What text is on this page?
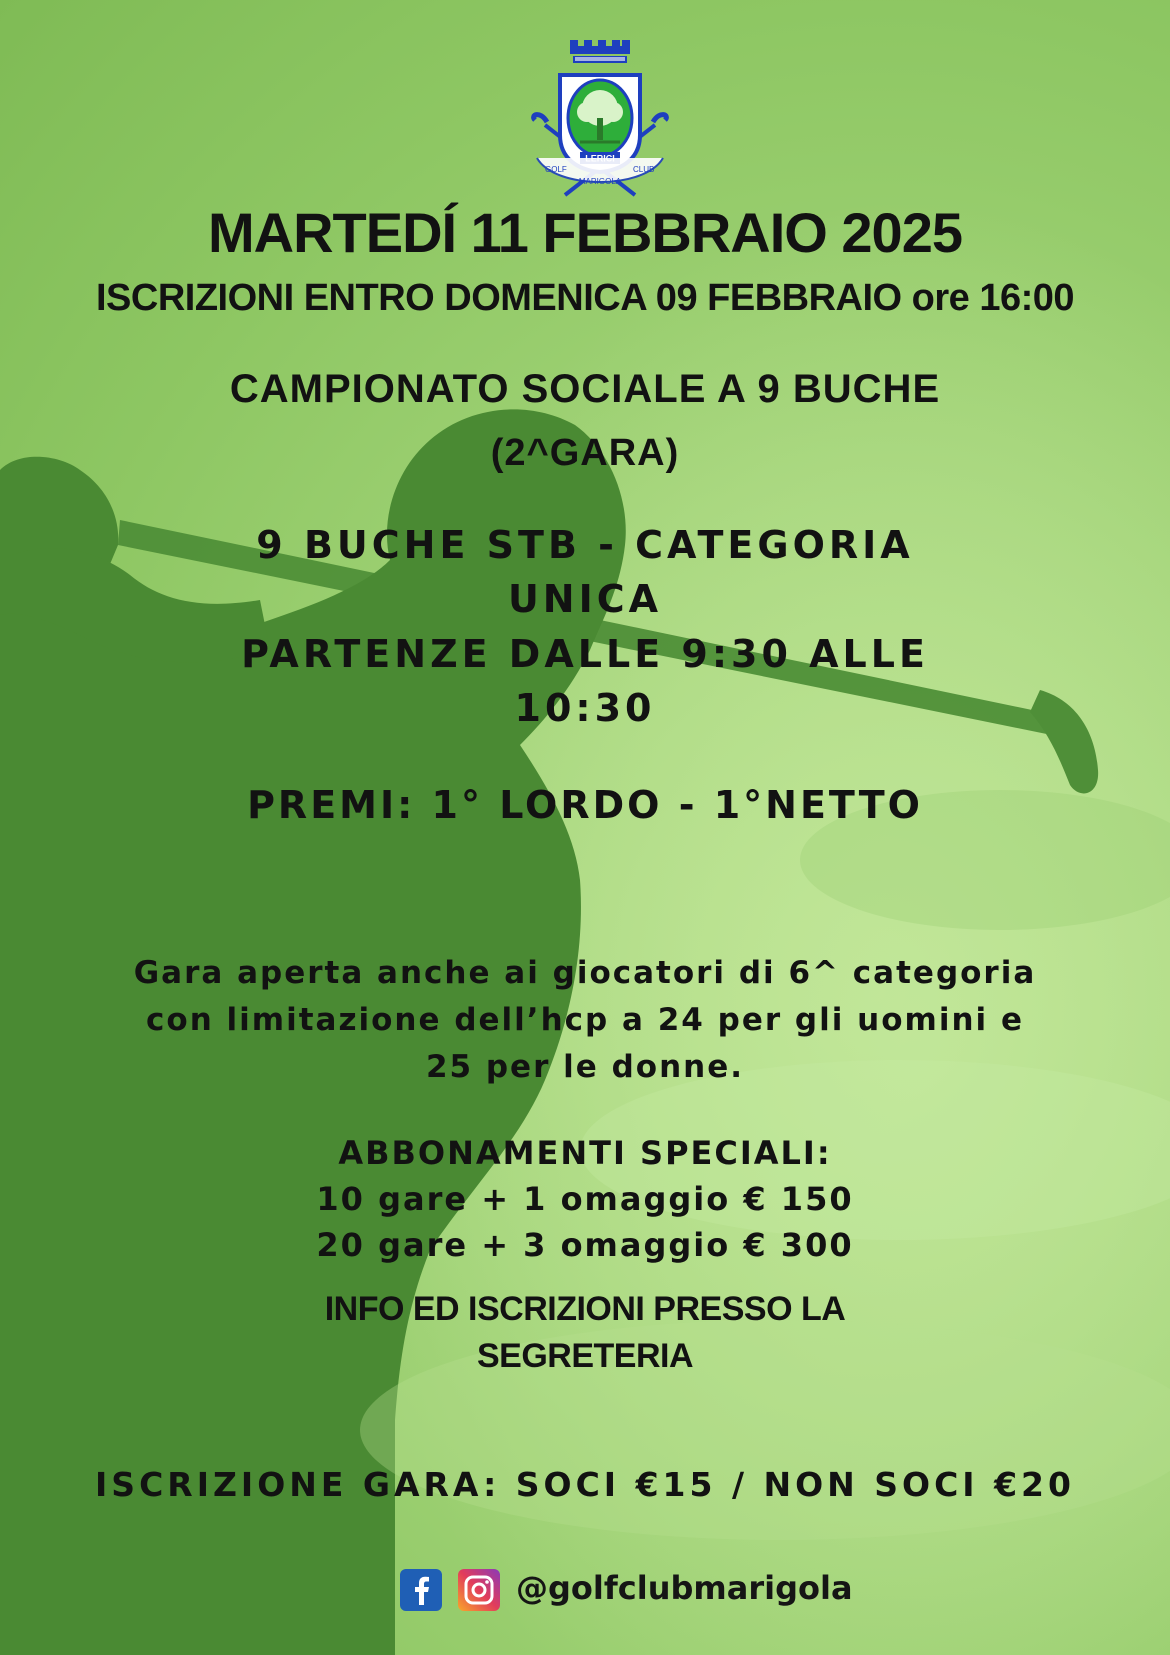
GOLF
MARIGOLA
CLUB
MARTEDÍ 11 FEBBRAIO 2025
ISCRIZIONI ENTRO DOMENICA 09 FEBBRAIO ore 16:00
CAMPIONATO SOCIALE A 9 BUCHE
(2^GARA)
9 BUCHE STB - CATEGORIA
UNICA
PARTENZE DALLE 9:30 ALLE
10:30
PREMI: 1° LORDO - 1°NETTO
Gara aperta anche ai giocatori di 6^ categoria
con limitazione dell’hcp a 24 per gli uomini e
25 per le donne.
ABBONAMENTI SPECIALI:
10 gare + 1 omaggio € 150
20 gare + 3 omaggio € 300
INFO ED ISCRIZIONI PRESSO LA
SEGRETERIA
ISCRIZIONE GARA: SOCI €15 / NON SOCI €20
@golfclubmarigola
